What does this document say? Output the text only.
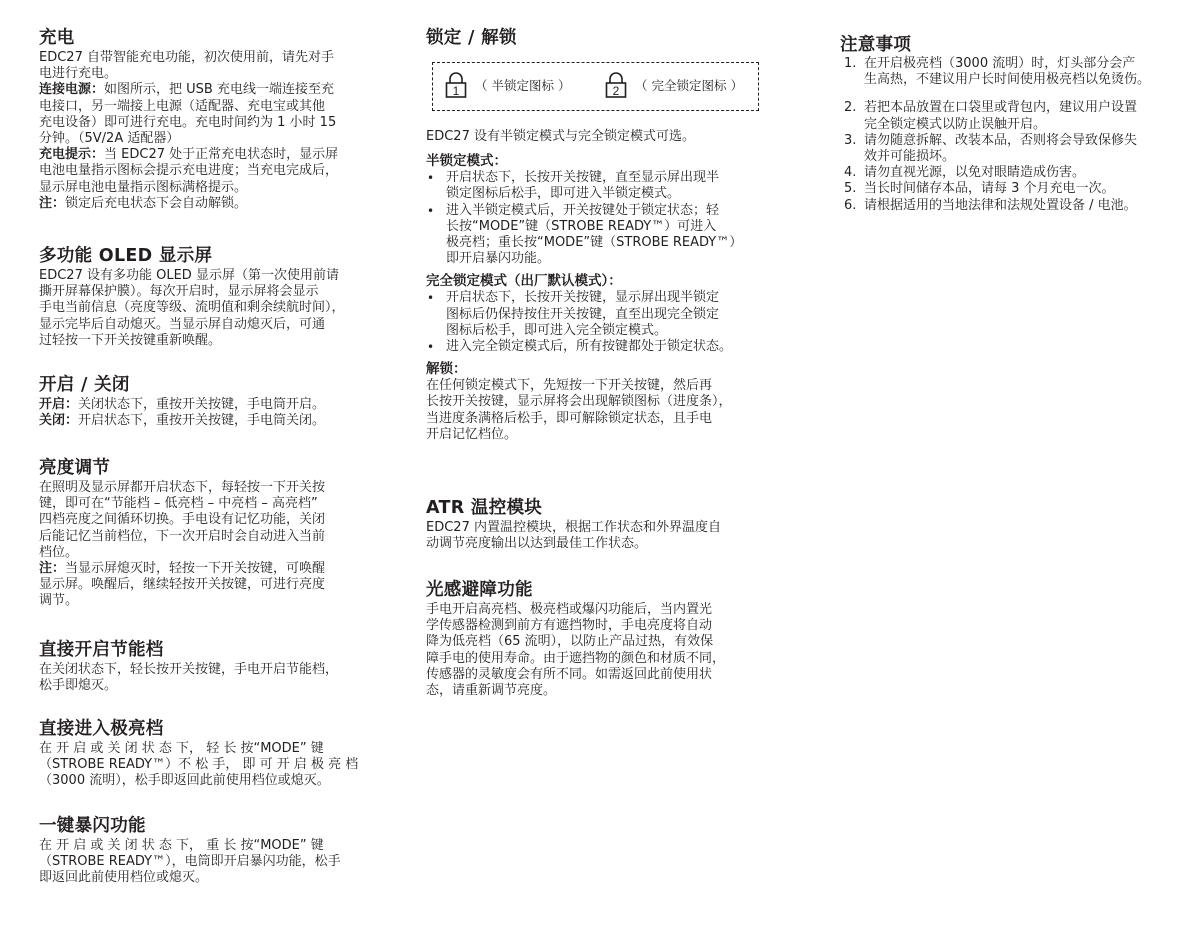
充电
EDC27 自带智能充电功能，初次使用前，请先对手
电进行充电。
连接电源：如图所示，把 USB 充电线一端连接至充
电接口，另一端接上电源（适配器、充电宝或其他
充电设备）即可进行充电。充电时间约为 1 小时 15
分钟。（5V/2A 适配器）
充电提示：当 EDC27 处于正常充电状态时，显示屏
电池电量指示图标会提示充电进度；当充电完成后，
显示屏电池电量指示图标满格提示。
注：锁定后充电状态下会自动解锁。
多功能 OLED 显示屏
EDC27 设有多功能 OLED 显示屏（第一次使用前请
撕开屏幕保护膜）。每次开启时，显示屏将会显示
手电当前信息（亮度等级、流明值和剩余续航时间），
显示完毕后自动熄灭。当显示屏自动熄灭后，可通
过轻按一下开关按键重新唤醒。
开启 / 关闭
开启：关闭状态下，重按开关按键，手电筒开启。
关闭：开启状态下，重按开关按键，手电筒关闭。
亮度调节
在照明及显示屏都开启状态下，每轻按一下开关按
键，即可在“节能档 – 低亮档 – 中亮档 – 高亮档”
四档亮度之间循环切换。手电设有记忆功能，关闭
后能记忆当前档位，下一次开启时会自动进入当前
档位。
注：当显示屏熄灭时，轻按一下开关按键，可唤醒
显示屏。唤醒后，继续轻按开关按键，可进行亮度
调节。
直接开启节能档
在关闭状态下，轻长按开关按键，手电开启节能档，
松手即熄灭。
直接进入极亮档
在 开 启 或 关 闭 状 态 下， 轻 长 按“MODE” 键
（STROBE READY™）不 松 手， 即 可 开 启 极 亮 档
（3000 流明），松手即返回此前使用档位或熄灭。
一键暴闪功能
在 开 启 或 关 闭 状 态 下， 重 长 按“MODE” 键
（STROBE READY™），电筒即开启暴闪功能，松手
即返回此前使用档位或熄灭。
锁定 / 解锁
1 （ 半锁定图标 ）	2 （ 完全锁定图标 ）
EDC27 设有半锁定模式与完全锁定模式可选。
半锁定模式：
• 开启状态下，长按开关按键，直至显示屏出现半
锁定图标后松手，即可进入半锁定模式。
• 进入半锁定模式后，开关按键处于锁定状态；轻
长按“MODE”键（STROBE READY™）可进入
极亮档；重长按“MODE”键（STROBE READY™）
即开启暴闪功能。
完全锁定模式（出厂默认模式）：
• 开启状态下，长按开关按键，显示屏出现半锁定
图标后仍保持按住开关按键，直至出现完全锁定
图标后松手，即可进入完全锁定模式。
• 进入完全锁定模式后，所有按键都处于锁定状态。
解锁：
在任何锁定模式下，先短按一下开关按键，然后再
长按开关按键，显示屏将会出现解锁图标（进度条），
当进度条满格后松手，即可解除锁定状态，且手电
开启记忆档位。
ATR 温控模块
EDC27 内置温控模块，根据工作状态和外界温度自
动调节亮度输出以达到最佳工作状态。
光感避障功能
手电开启高亮档、极亮档或爆闪功能后，当内置光
学传感器检测到前方有遮挡物时，手电亮度将自动
降为低亮档（65 流明），以防止产品过热，有效保
障手电的使用寿命。由于遮挡物的颜色和材质不同，
传感器的灵敏度会有所不同。如需返回此前使用状
态，请重新调节亮度。
注意事项
1. 在开启极亮档（3000 流明）时，灯头部分会产
生高热，不建议用户长时间使用极亮档以免烫伤。
2. 若把本品放置在口袋里或背包内，建议用户设置
完全锁定模式以防止误触开启。
3. 请勿随意拆解、改装本品，否则将会导致保修失
效并可能损坏。
4. 请勿直视光源，以免对眼睛造成伤害。
5. 当长时间储存本品，请每 3 个月充电一次。
6. 请根据适用的当地法律和法规处置设备 / 电池。
